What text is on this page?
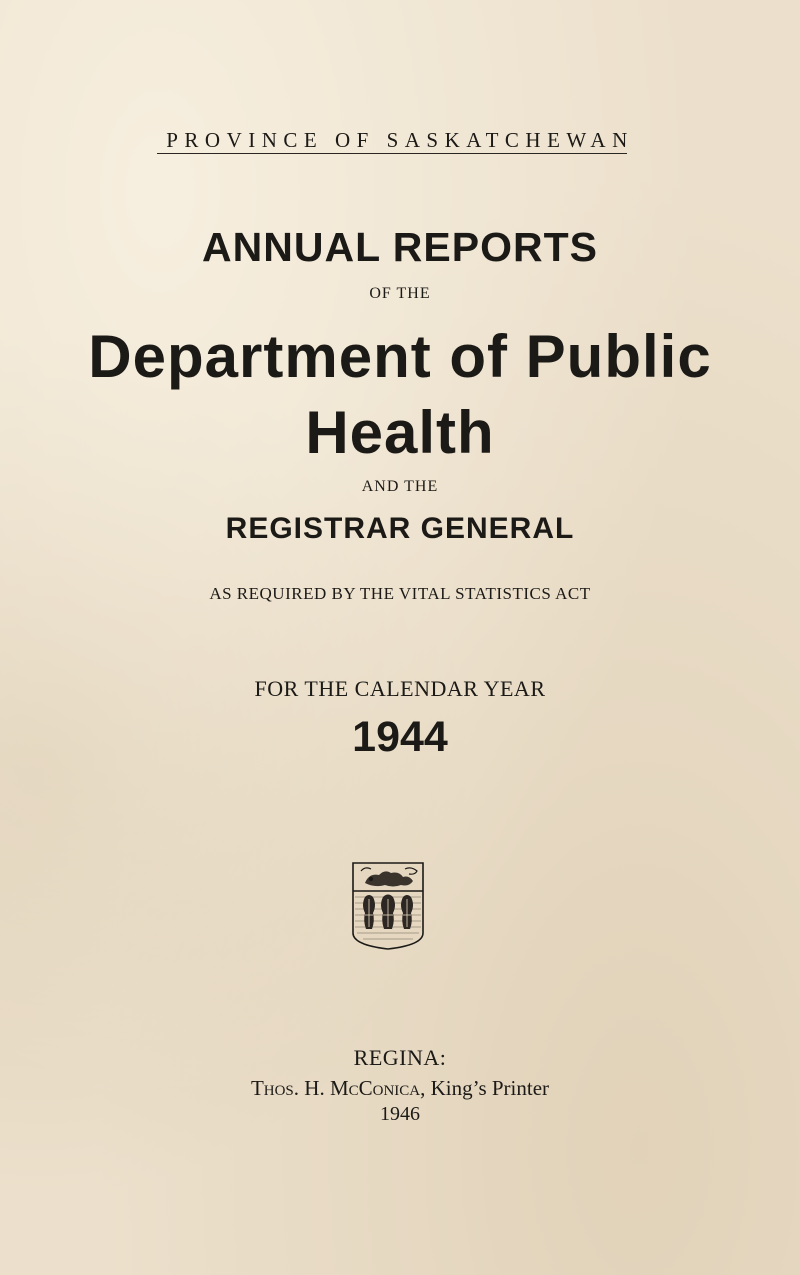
PROVINCE OF SASKATCHEWAN
ANNUAL REPORTS
OF THE
Department of Public
Health
AND THE
REGISTRAR GENERAL
AS REQUIRED BY THE VITAL STATISTICS ACT
FOR THE CALENDAR YEAR
1944
REGINA:
Thos. H. McConica, King’s Printer
1946
